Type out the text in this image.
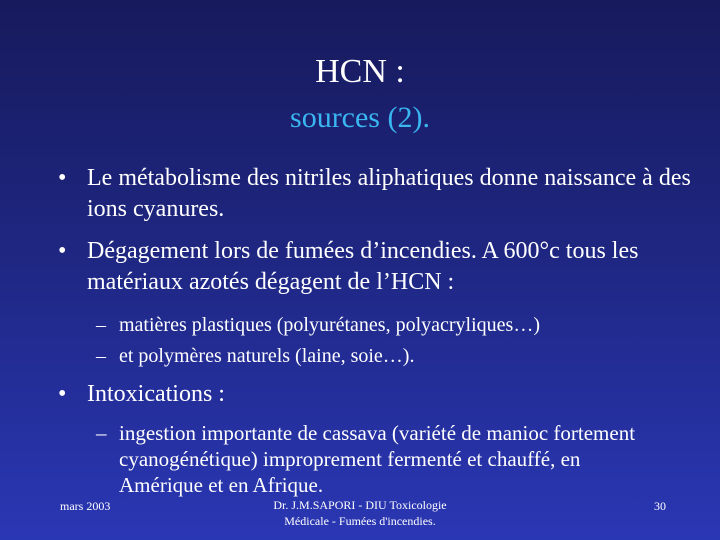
HCN :
sources (2).
• Le métabolisme des nitriles aliphatiques donne naissance à des ions cyanures.
• Dégagement lors de fumées d’incendies. A 600°c tous les matériaux azotés dégagent de l’HCN :
– matières plastiques (polyurétanes, polyacryliques…)
– et polymères naturels (laine, soie…).
• Intoxications :
– ingestion importante de cassava (variété de manioc fortement cyanogénétique) improprement fermenté et chauffé, en Amérique et en Afrique.
mars 2003	Dr. J.M.SAPORI - DIU Toxicologie
Médicale - Fumées d'incendies.
30
